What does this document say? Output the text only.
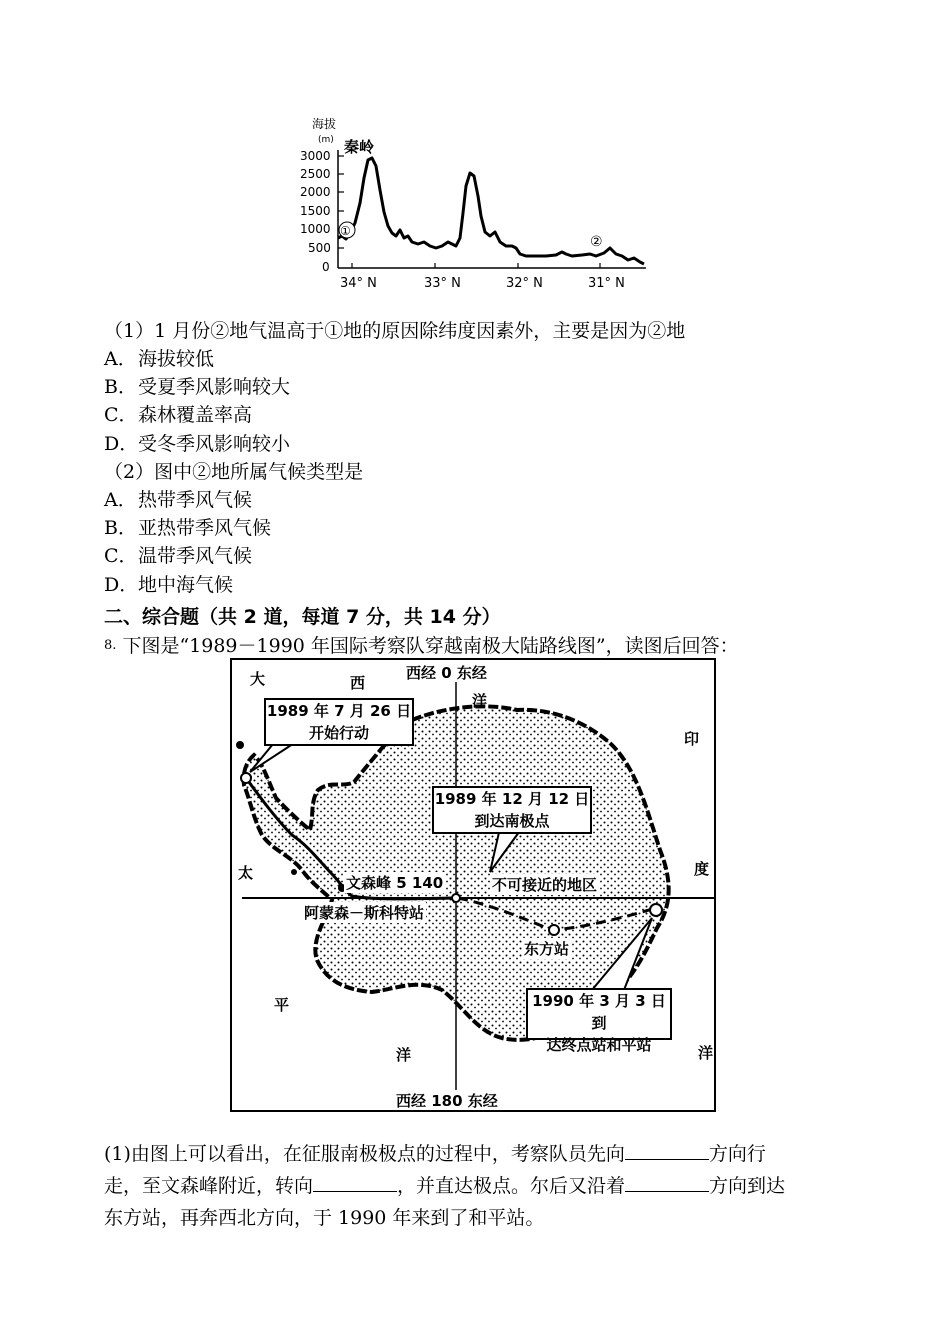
海拔
(m) 秦岭
3000
2500
2000
1500
1000
500
0
①
②
34° N	33° N	32° N	31° N
（1）1 月份②地气温高于①地的原因除纬度因素外，主要是因为②地
A．海拔较低
B．受夏季风影响较大
C．森林覆盖率高
D．受冬季风影响较小
（2）图中②地所属气候类型是
A．热带季风气候
B．亚热带季风气候
C．温带季风气候
D．地中海气候
二、综合题（共 2 道，每道 7 分，共 14 分）
$^{8.}$ 下图是“1989－1990 年国际考察队穿越南极大陆路线图”，读图后回答：
西经 0 东经
西经 180 东经
大	西
洋
印
度
洋
太
平
洋
1989 年 7 月 26 日
开始行动
1989 年 12 月 12 日
到达南极点
1990 年 3 月 3 日到
达终点站和平站
文森峰 5 140	不可接近的地区
阿蒙森－斯科特站
东方站
(1)由图上可以看出，在征服南极极点的过程中，考察队员先向	方向行
走，至文森峰附近，转向	，并直达极点。尔后又沿着	方向到达
东方站，再奔西北方向，于 1990 年来到了和平站。
